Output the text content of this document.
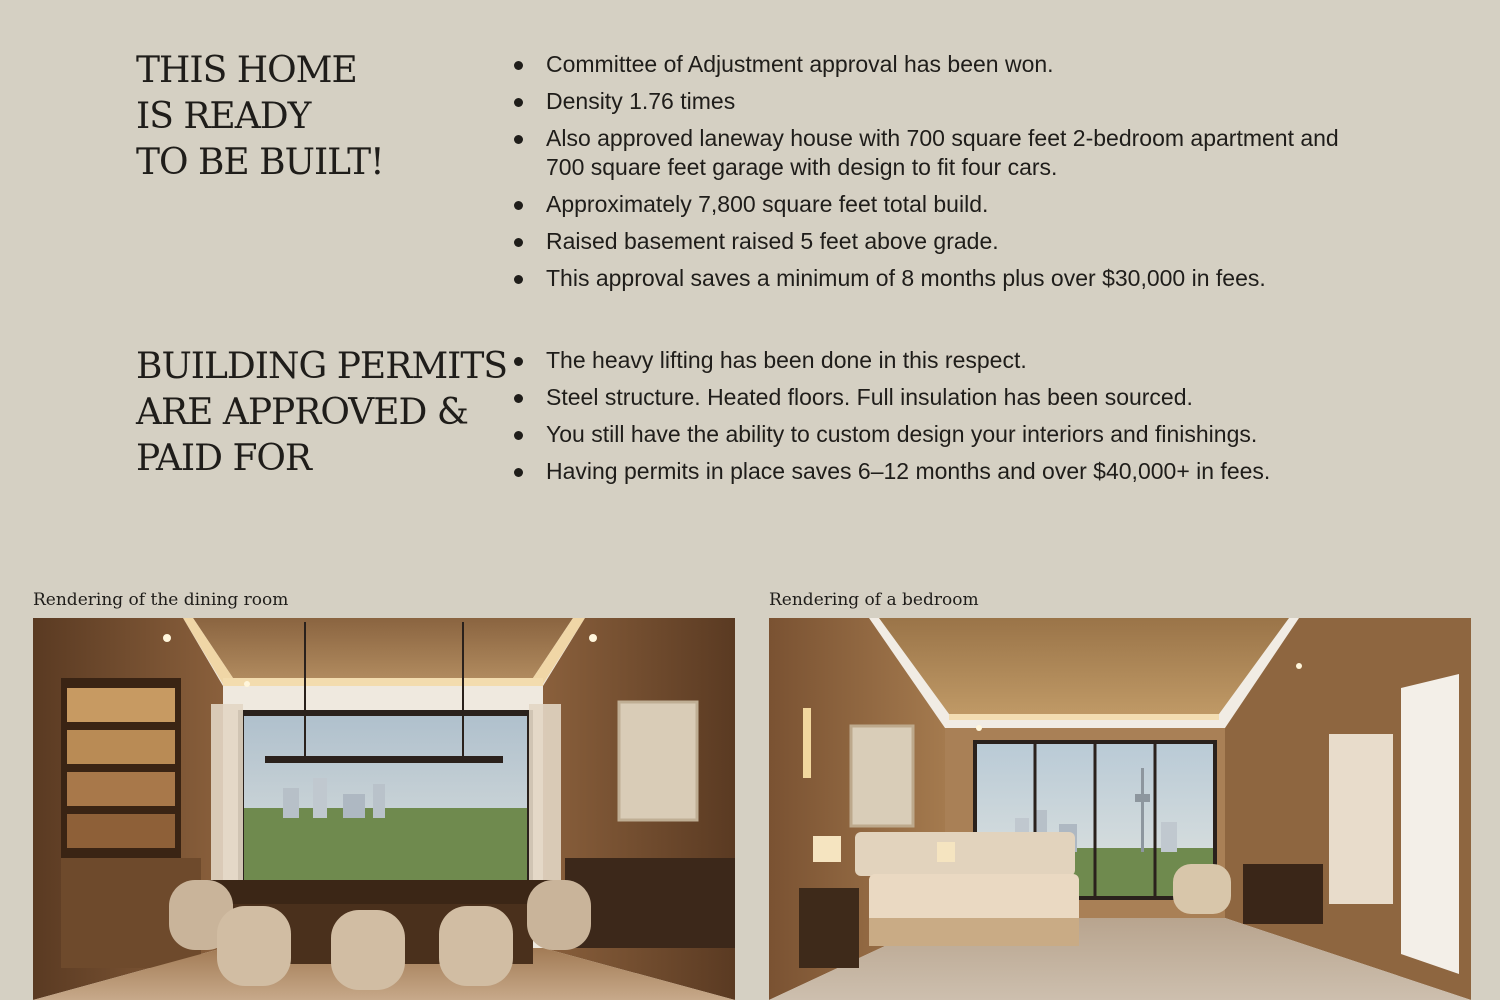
THIS HOME
IS READY
TO BE BUILT!
Committee of Adjustment approval has been won.
Density 1.76 times
Also approved laneway house with 700 square feet 2-bedroom apartment and 700 square feet garage with design to fit four cars.
Approximately 7,800 square feet total build.
Raised basement raised 5 feet above grade.
This approval saves a minimum of 8 months plus over $30,000 in fees.
BUILDING PERMITS
ARE APPROVED &
PAID FOR
The heavy lifting has been done in this respect.
Steel structure. Heated floors. Full insulation has been sourced.
You still have the ability to custom design your interiors and finishings.
Having permits in place saves 6–12 months and over $40,000+ in fees.
Rendering of the dining room	Rendering of a bedroom
